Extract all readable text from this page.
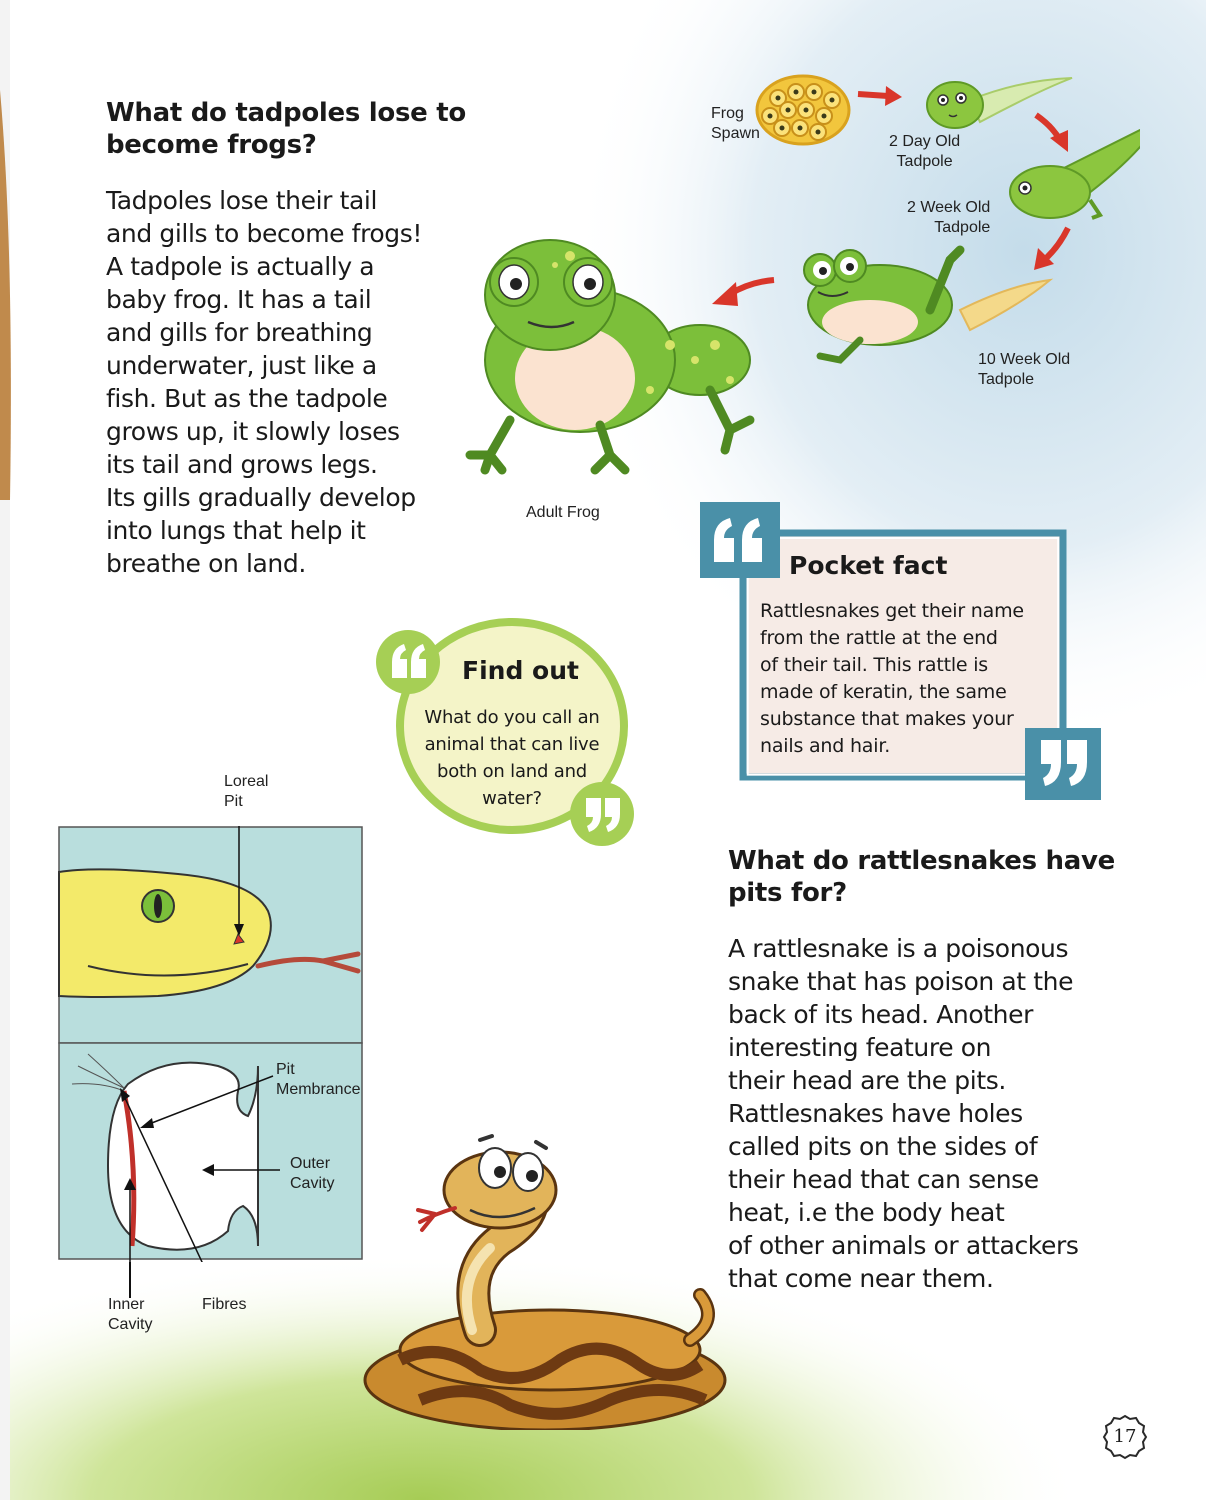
What do tadpoles lose to
become frogs?
Tadpoles lose their tail
and gills to become frogs!
A tadpole is actually a
baby frog. It has a tail
and gills for breathing
underwater, just like a
fish. But as the tadpole
grows up, it slowly loses
its tail and grows legs.
Its gills gradually develop
into lungs that help it
breathe on land.
Frog
Spawn	2 Day Old
Tadpole
2 Week Old
Tadpole
10 Week Old
Tadpole
Adult Frog
Pocket fact
Rattlesnakes get their name
from the rattle at the end
of their tail. This rattle is
made of keratin, the same
substance that makes your
nails and hair.
Find out
What do you call an
animal that can live
both on land and
water?
Loreal
Pit
Pit
Membrance
Outer
Cavity
Inner
Cavity
Fibres
What do rattlesnakes have
pits for?
A rattlesnake is a poisonous
snake that has poison at the
back of its head. Another
interesting feature on
their head are the pits.
Rattlesnakes have holes
called pits on the sides of
their head that can sense
heat, i.e the body heat
of other animals or attackers
that come near them.
17
